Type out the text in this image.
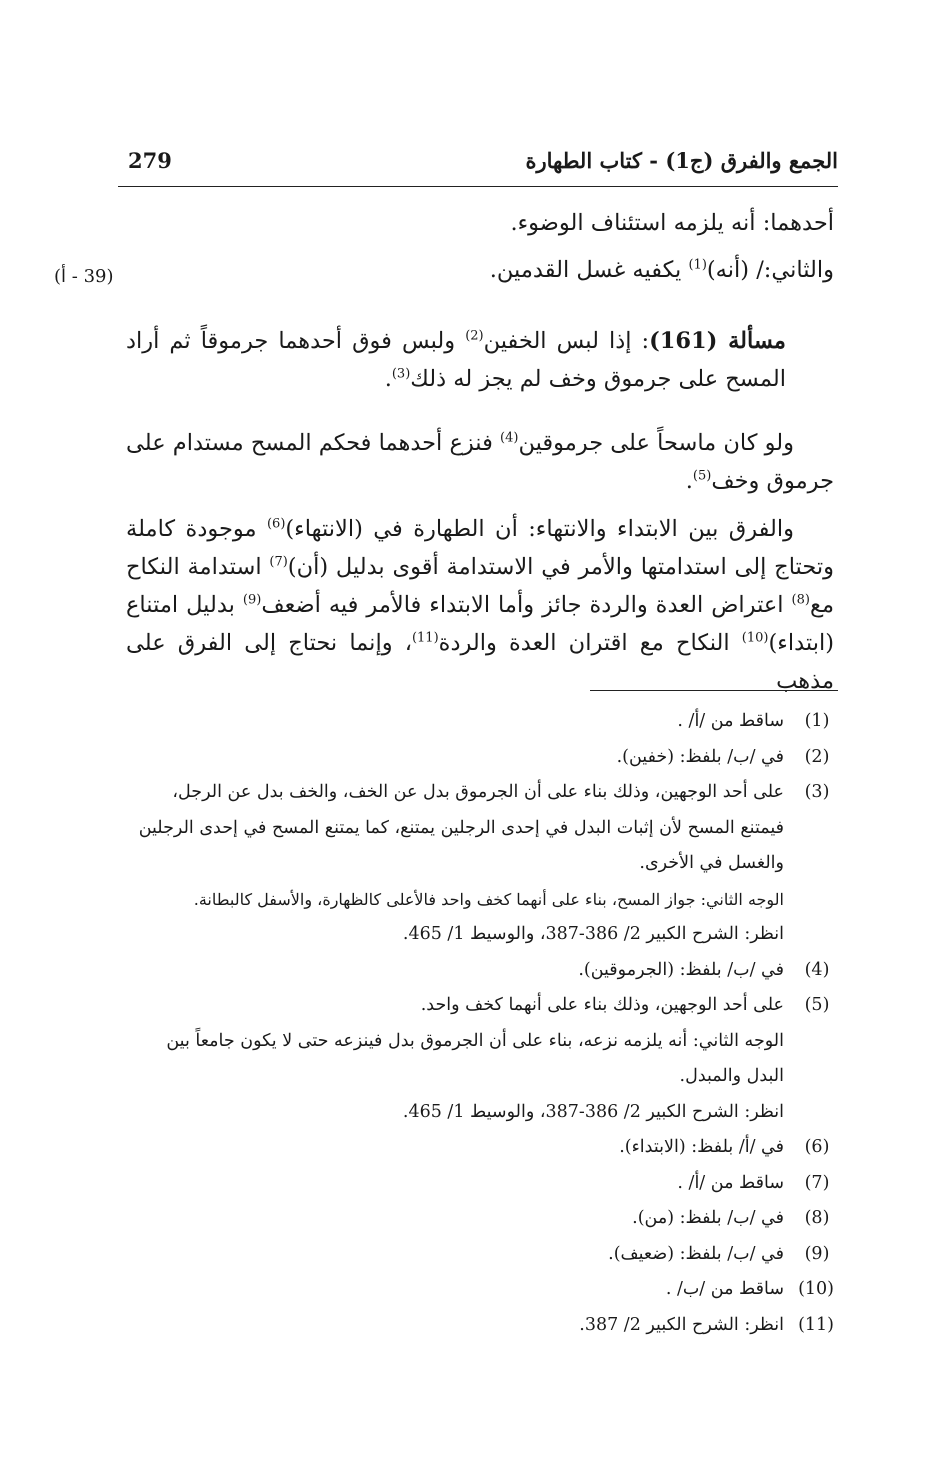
279	الجمع والفرق (ج1) - كتاب الطهارة
أحدهما: أنه يلزمه استئناف الوضوء.
والثاني:/ (أنه)$^{(1)}$ يكفيه غسل القدمين.
(39 - أ)

مسألة (161): إذا لبس الخفين$^{(2)}$ ولبس فوق أحدهما جرموقاً ثم أراد المسح على جرموق وخف لم يجز له ذلك$^{(3)}$.

ولو كان ماسحاً على جرموقين$^{(4)}$ فنزع أحدهما فحكم المسح مستدام على جرموق وخف$^{(5)}$.

والفرق بين الابتداء والانتهاء: أن الطهارة في (الانتهاء)$^{(6)}$ موجودة كاملة وتحتاج إلى استدامتها والأمر في الاستدامة أقوى بدليل (أن)$^{(7)}$ استدامة النكاح مع$^{(8)}$ اعتراض العدة والردة جائز وأما الابتداء فالأمر فيه أضعف$^{(9)}$ بدليل امتناع (ابتداء)$^{(10)}$ النكاح مع اقتران العدة والردة$^{(11)}$، وإنما نحتاج إلى الفرق على مذهب

(1)
ساقط من /أ/ .

(2)
في /ب/ بلفظ: (خفين).

(3)
على أحد الوجهين، وذلك بناء على أن الجرموق بدل عن الخف، والخف بدل عن الرجل، فيمتنع المسح لأن إثبات البدل في إحدى الرجلين يمتنع، كما يمتنع المسح في إحدى الرجلين والغسل في الأخرى.

الوجه الثاني: جواز المسح، بناء على أنهما كخف واحد فالأعلى كالظهارة، والأسفل كالبطانة.

انظر: الشرح الكبير 2/ 386-387، والوسيط 1/ 465.

(4)
في /ب/ بلفظ: (الجرموقين).

(5)
على أحد الوجهين، وذلك بناء على أنهما كخف واحد.

الوجه الثاني: أنه يلزمه نزعه، بناء على أن الجرموق بدل فينزعه حتى لا يكون جامعاً بين البدل والمبدل.

انظر: الشرح الكبير 2/ 386-387، والوسيط 1/ 465.

(6)
في /أ/ بلفظ: (الابتداء).

(7)
ساقط من /أ/ .

(8)
في /ب/ بلفظ: (من).

(9)
في /ب/ بلفظ: (ضعيف).

(10)
ساقط من /ب/ .

(11)
انظر: الشرح الكبير 2/ 387.
